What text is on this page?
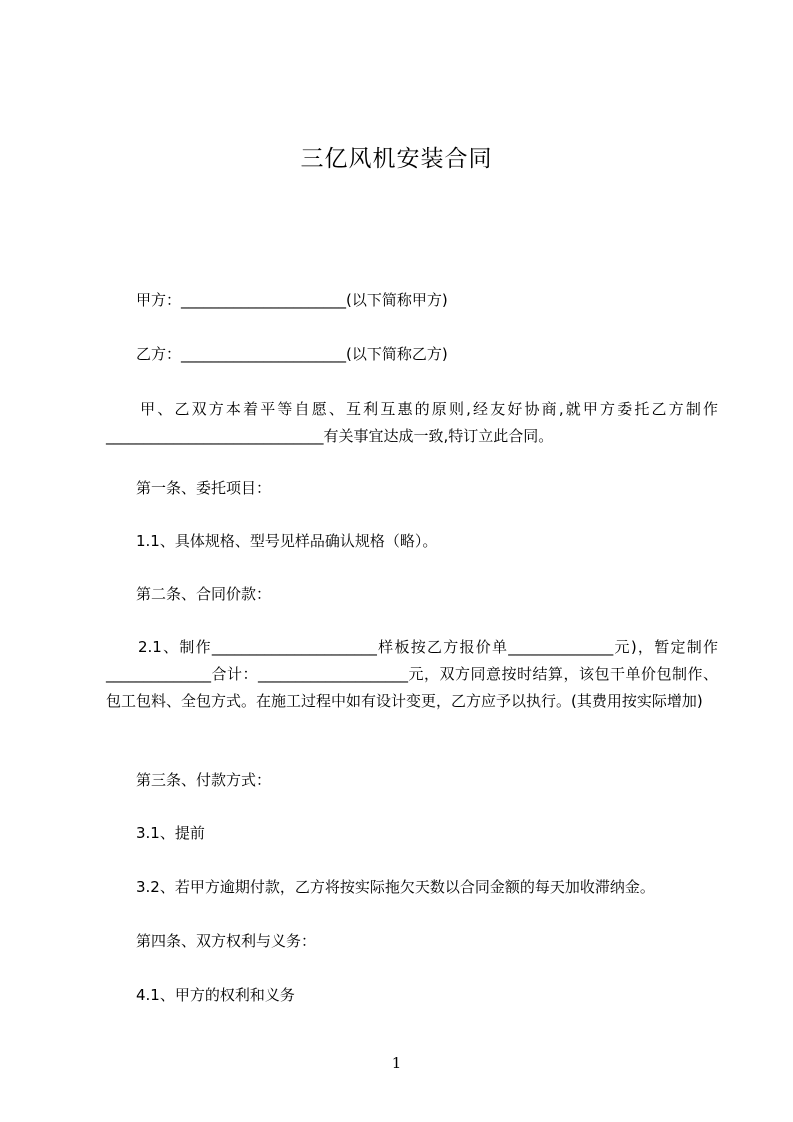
三亿风机安装合同
甲方：______________________(以下简称甲方)
乙方：______________________(以下简称乙方)
甲、乙双方本着平等自愿、互利互惠的原则,经友好协商,就甲方委托乙方制作_____________________________有关事宜达成一致,特订立此合同。
第一条、委托项目：
1.1、具体规格、型号见样品确认规格（略）。
第二条、合同价款：
2.1、制作______________________样板按乙方报价单______________元)，暂定制作______________合计：____________________元，双方同意按时结算，该包干单价包制作、包工包料、全包方式。在施工过程中如有设计变更，乙方应予以执行。(其费用按实际增加)
第三条、付款方式：
3.1、提前
3.2、若甲方逾期付款，乙方将按实际拖欠天数以合同金额的每天加收滞纳金。
第四条、双方权利与义务：
4.1、甲方的权利和义务
1
